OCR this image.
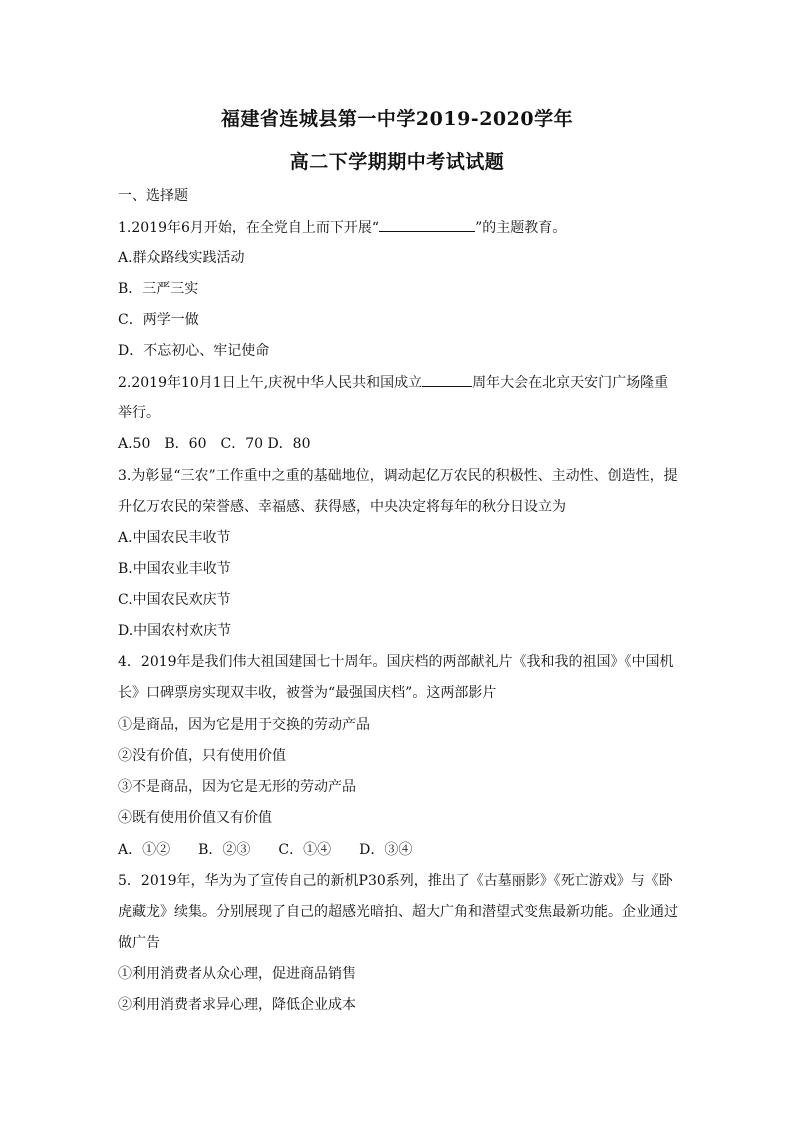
福建省连城县第一中学2019-2020学年
高二下学期期中考试试题
一、选择题
1.2019年6月开始，在全党自上而下开展“	”的主题教育。
A.群众路线实践活动
B．三严三实
C．两学一做
D．不忘初心、牢记使命
2.2019年10月1日上午,庆祝中华人民共和国成立	周年大会在北京天安门广场隆重
举行。
A.50　B．60　C．70 D．80
3.为彰显“三农”工作重中之重的基础地位，调动起亿万农民的积极性、主动性、创造性，提
升亿万农民的荣誉感、幸福感、获得感，中央决定将每年的秋分日设立为
A.中国农民丰收节
B.中国农业丰收节
C.中国农民欢庆节
D.中国农村欢庆节
4．2019年是我们伟大祖国建国七十周年。国庆档的两部献礼片《我和我的祖国》《中国机
长》口碑票房实现双丰收，被誉为“最强国庆档”。这两部影片
①是商品，因为它是用于交换的劳动产品
②没有价值，只有使用价值
③不是商品，因为它是无形的劳动产品
④既有使用价值又有价值
A．①②　　B．②③　　C．①④　　D．③④
5．2019年，华为为了宣传自己的新机P30系列，推出了《古墓丽影》《死亡游戏》与《卧
虎藏龙》续集。分别展现了自己的超感光暗拍、超大广角和潜望式变焦最新功能。企业通过
做广告
①利用消费者从众心理，促进商品销售
②利用消费者求异心理，降低企业成本
